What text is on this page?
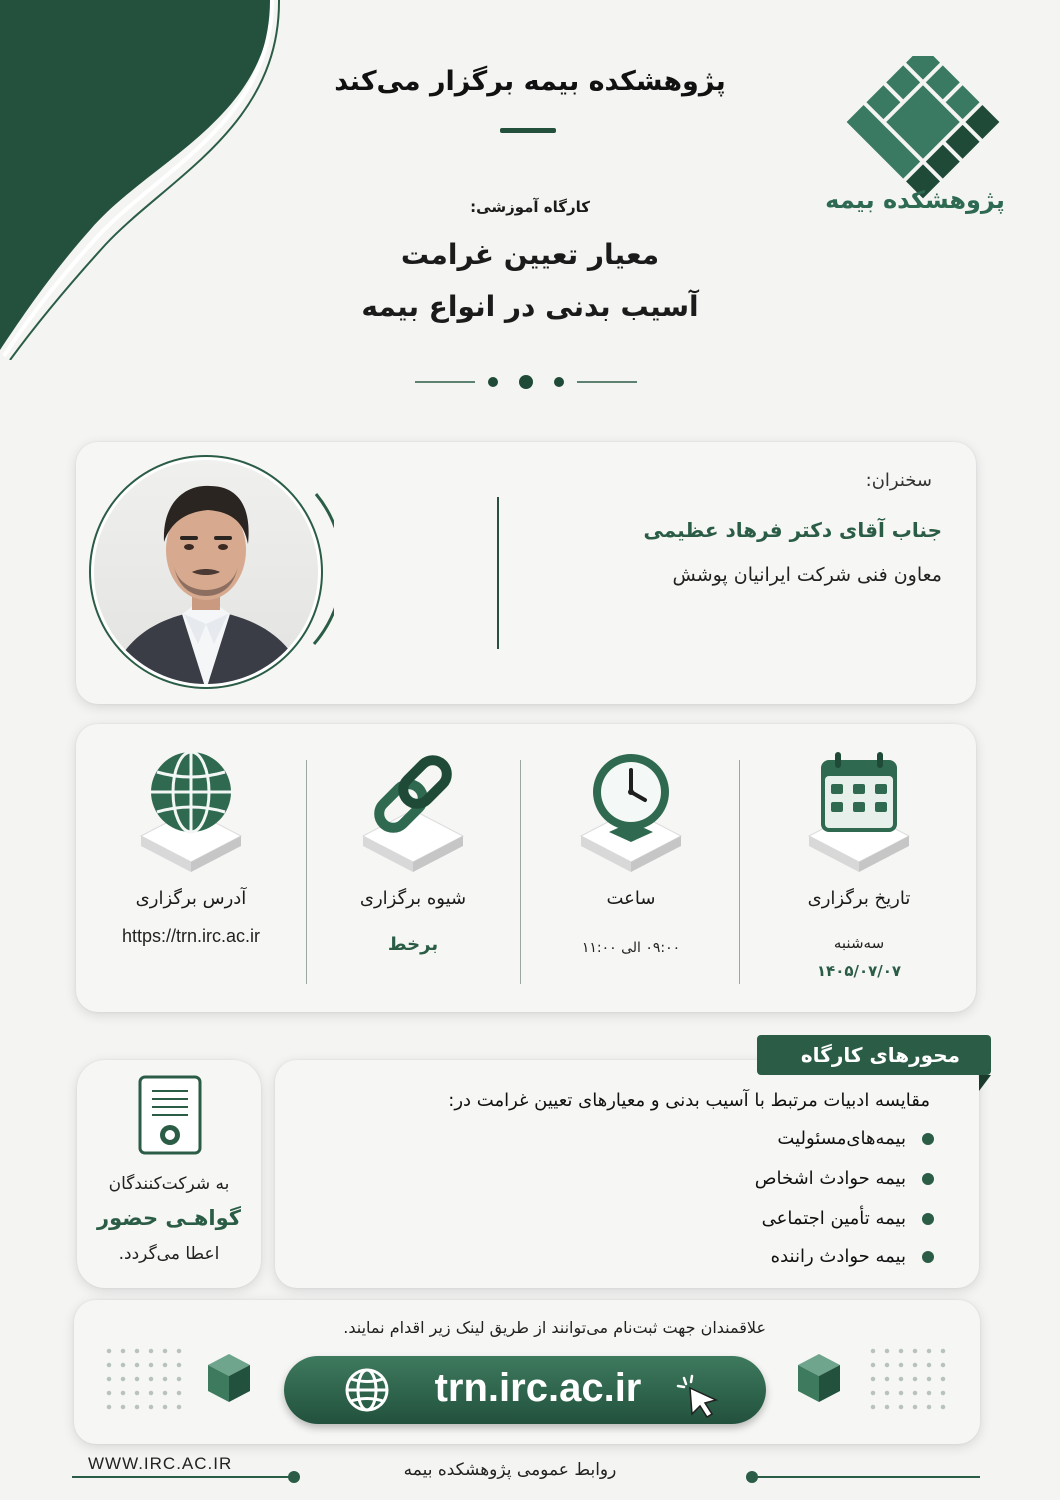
پژوهشکده بیمه برگزار می‌کند
کارگاه آموزشی:
معیار تعیین غرامت
آسیب بدنی در انواع بیمه
پژوهشکده بیمه
سخنران:
جناب آقای دکتر فرهاد عظیمی
معاون فنی شرکت ایرانیان پوشش
تاریخ برگزاری
سه‌شنبه
۱۴۰۵/۰۷/۰۷
ساعت
۰۹:۰۰ الی ۱۱:۰۰
شیوه برگزاری
برخط
آدرس برگزاری
https://trn.irc.ac.ir
به شرکت‌کنندگان
گواهـی حضور
اعطا می‌گردد.
محورهای کارگاه
مقایسه ادبیات مرتبط با آسیب بدنی و معیارهای تعیین غرامت در:
بیمه‌های‌مسئولیت
بیمه حوادث اشخاص
بیمه تأمین اجتماعی
بیمه حوادث راننده
علاقمندان جهت ثبت‌نام می‌توانند از طریق لینک زیر اقدام نمایند.
trn.irc.ac.ir
WWW.IRC.AC.IR	روابط عمومی پژوهشکده بیمه
